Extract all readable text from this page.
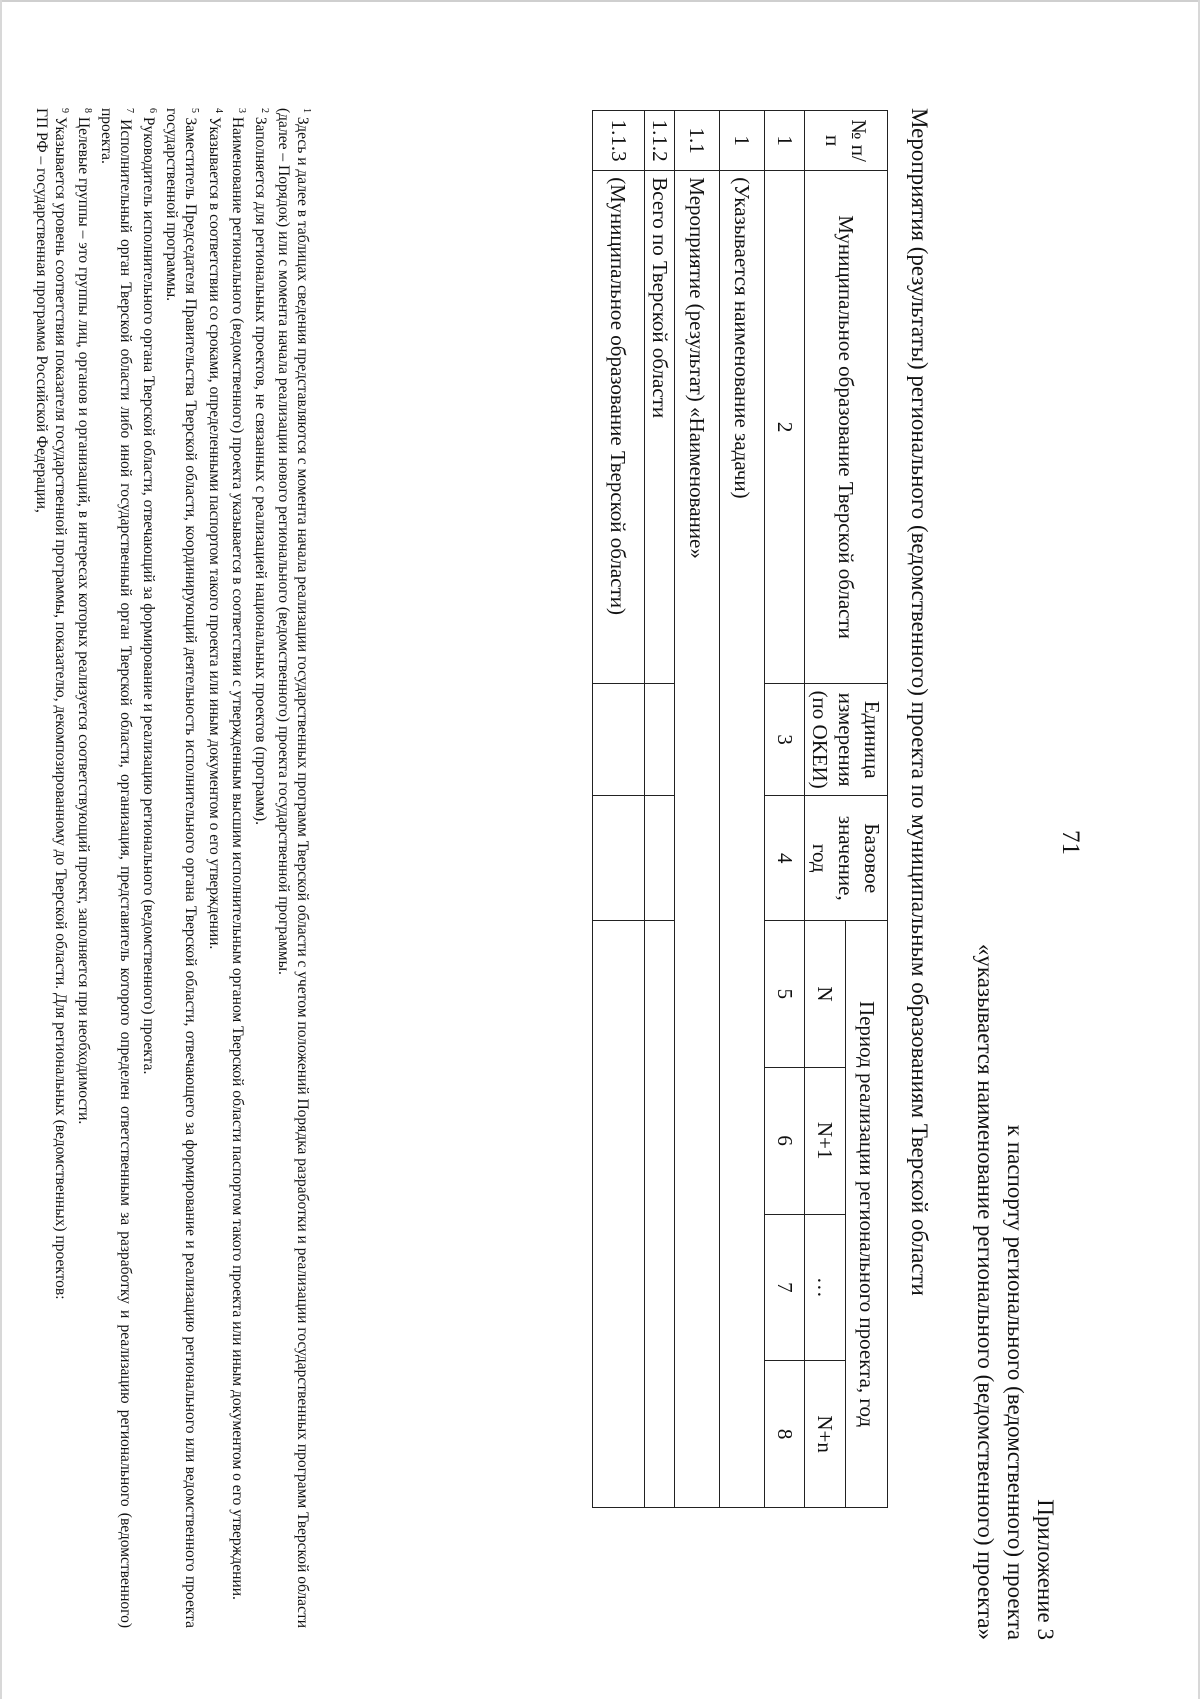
71
Приложение 3
к паспорту регионального (ведомственного) проекта
«указывается наименование регионального (ведомственного) проекта»
Мероприятия (результаты) регионального (ведомственного) проекта по муниципальным образованиям Тверской области
№ п/п	Муниципальное образование Тверской области	Единица измерения (по ОКЕИ)	Базовое значение, год	Период реализации регионального проекта, год			
				N	N+1	…	N+n
1	2	3	4	5	6	7	8
1	(Указывается наименование задачи)						
1.1	Мероприятие (результат) «Наименование»						
1.1.2	Всего по Тверской области						
1.1.3	(Муниципальное образование Тверской области)						

$^1$ Здесь и далее в таблицах сведения представляются с момента начала реализации государственных программ Тверской области с учетом положений Порядка разработки и реализации государственных программ Тверской области (далее – Порядок) или с момента начала реализации нового регионального (ведомственного) проекта государственной программы.

$^2$ Заполняется для региональных проектов, не связанных с реализацией национальных проектов (программ).

$^3$ Наименование регионального (ведомственного) проекта указывается в соответствии с утвержденным высшим исполнительным органом Тверской области паспортом такого проекта или иным документом о его утверждении.

$^4$ Указывается в соответствии со сроками, определенными паспортом такого проекта или иным документом о его утверждении.

$^5$ Заместитель Председателя Правительства Тверской области, координирующий деятельность исполнительного органа Тверской области, отвечающего за формирование и реализацию регионального или ведомственного проекта государственной программы.

$^6$ Руководитель исполнительного органа Тверской области, отвечающий за формирование и реализацию регионального (ведомственного) проекта.

$^7$ Исполнительный орган Тверской области либо иной государственный орган Тверской области, организация, представитель которого определен ответственным за разработку и реализацию регионального (ведомственного) проекта.

$^8$ Целевые группы – это группы лиц, органов и организаций, в интересах которых реализуется соответствующий проект, заполняется при необходимости.

$^9$ Указывается уровень соответствия показателя государственной программы, показателю, декомпозированному до Тверской области. Для региональных (ведомственных) проектов:

ГП РФ – государственная программа Российской Федерации,
